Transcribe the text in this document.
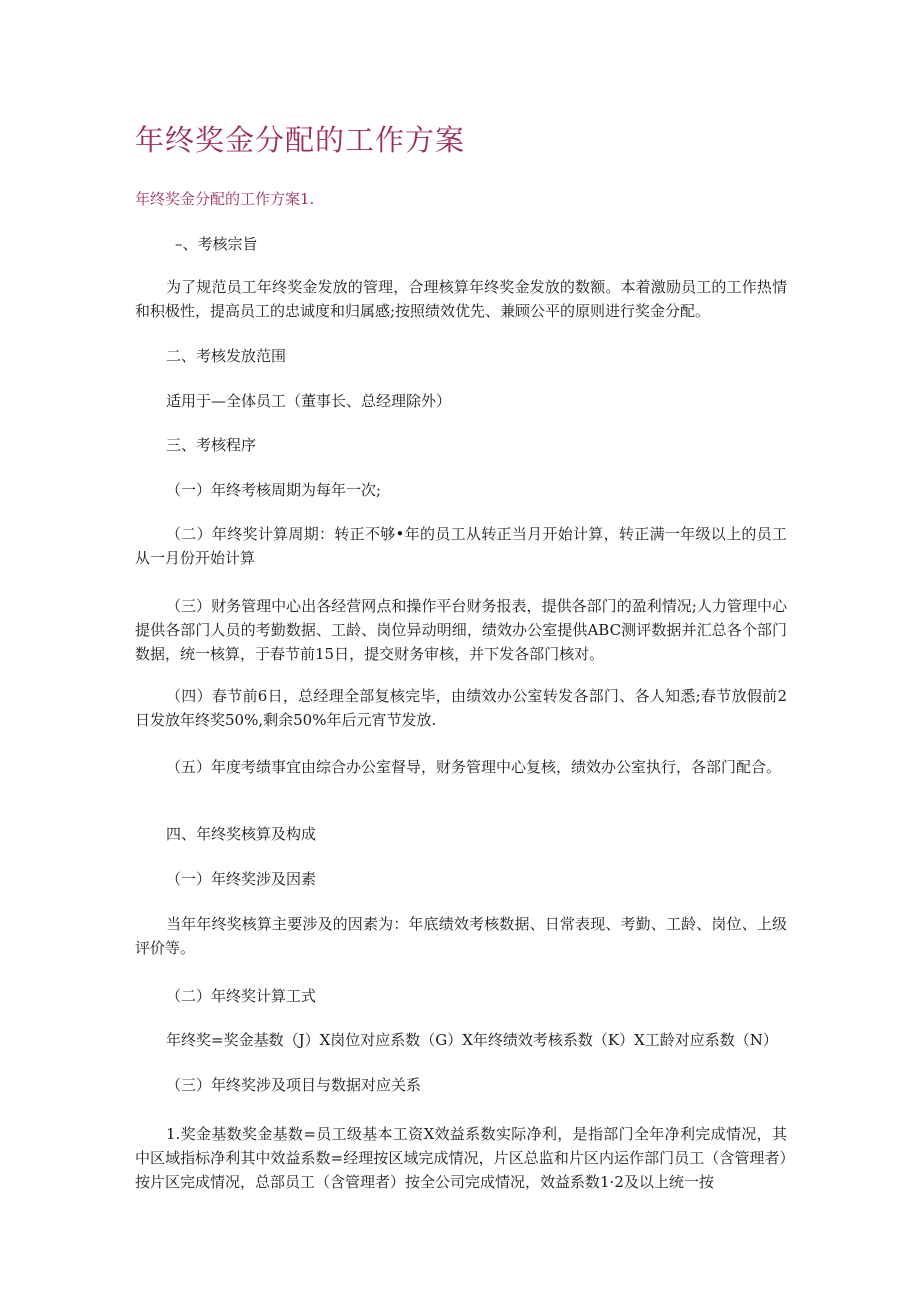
年终奖金分配的工作方案
年终奖金分配的工作方案1.

–、考核宗旨

为了规范员工年终奖金发放的管理，合理核算年终奖金发放的数额。本着激励员工的工作热情和积极性，提高员工的忠诚度和归属感;按照绩效优先、兼顾公平的原则进行奖金分配。

二、考核发放范围

适用于—全体员工（董事长、总经理除外）

三、考核程序

（一）年终考核周期为每年一次;

（二）年终奖计算周期：转正不够•年的员工从转正当月开始计算，转正满一年级以上的员工从一月份开始计算

（三）财务管理中心出各经营网点和操作平台财务报表，提供各部门的盈利情况;人力管理中心提供各部门人员的考勤数据、工龄、岗位异动明细，绩效办公室提供ABC测评数据并汇总各个部门数据，统一核算，于春节前15日，提交财务审核，并下发各部门核对。

（四）春节前6日，总经理全部复核完毕，由绩效办公室转发各部门、各人知悉;春节放假前2日发放年终奖50%,剩余50%年后元宵节发放.

（五）年度考绩事宜由综合办公室督导，财务管理中心复核，绩效办公室执行，各部门配合。

四、年终奖核算及构成

（一）年终奖涉及因素

当年年终奖核算主要涉及的因素为：年底绩效考核数据、日常表现、考勤、工龄、岗位、上级评价等。

（二）年终奖计算工式

年终奖=奖金基数（J）X岗位对应系数（G）X年终绩效考核系数（K）X工龄对应系数（N）

（三）年终奖涉及项目与数据对应关系

1.奖金基数奖金基数=员工级基本工资X效益系数实际净利，是指部门全年净利完成情况，其中区域指标净利其中效益系数=经理按区域完成情况，片区总监和片区内运作部门员工（含管理者）按片区完成情况，总部员工（含管理者）按全公司完成情况，效益系数1·2及以上统一按
